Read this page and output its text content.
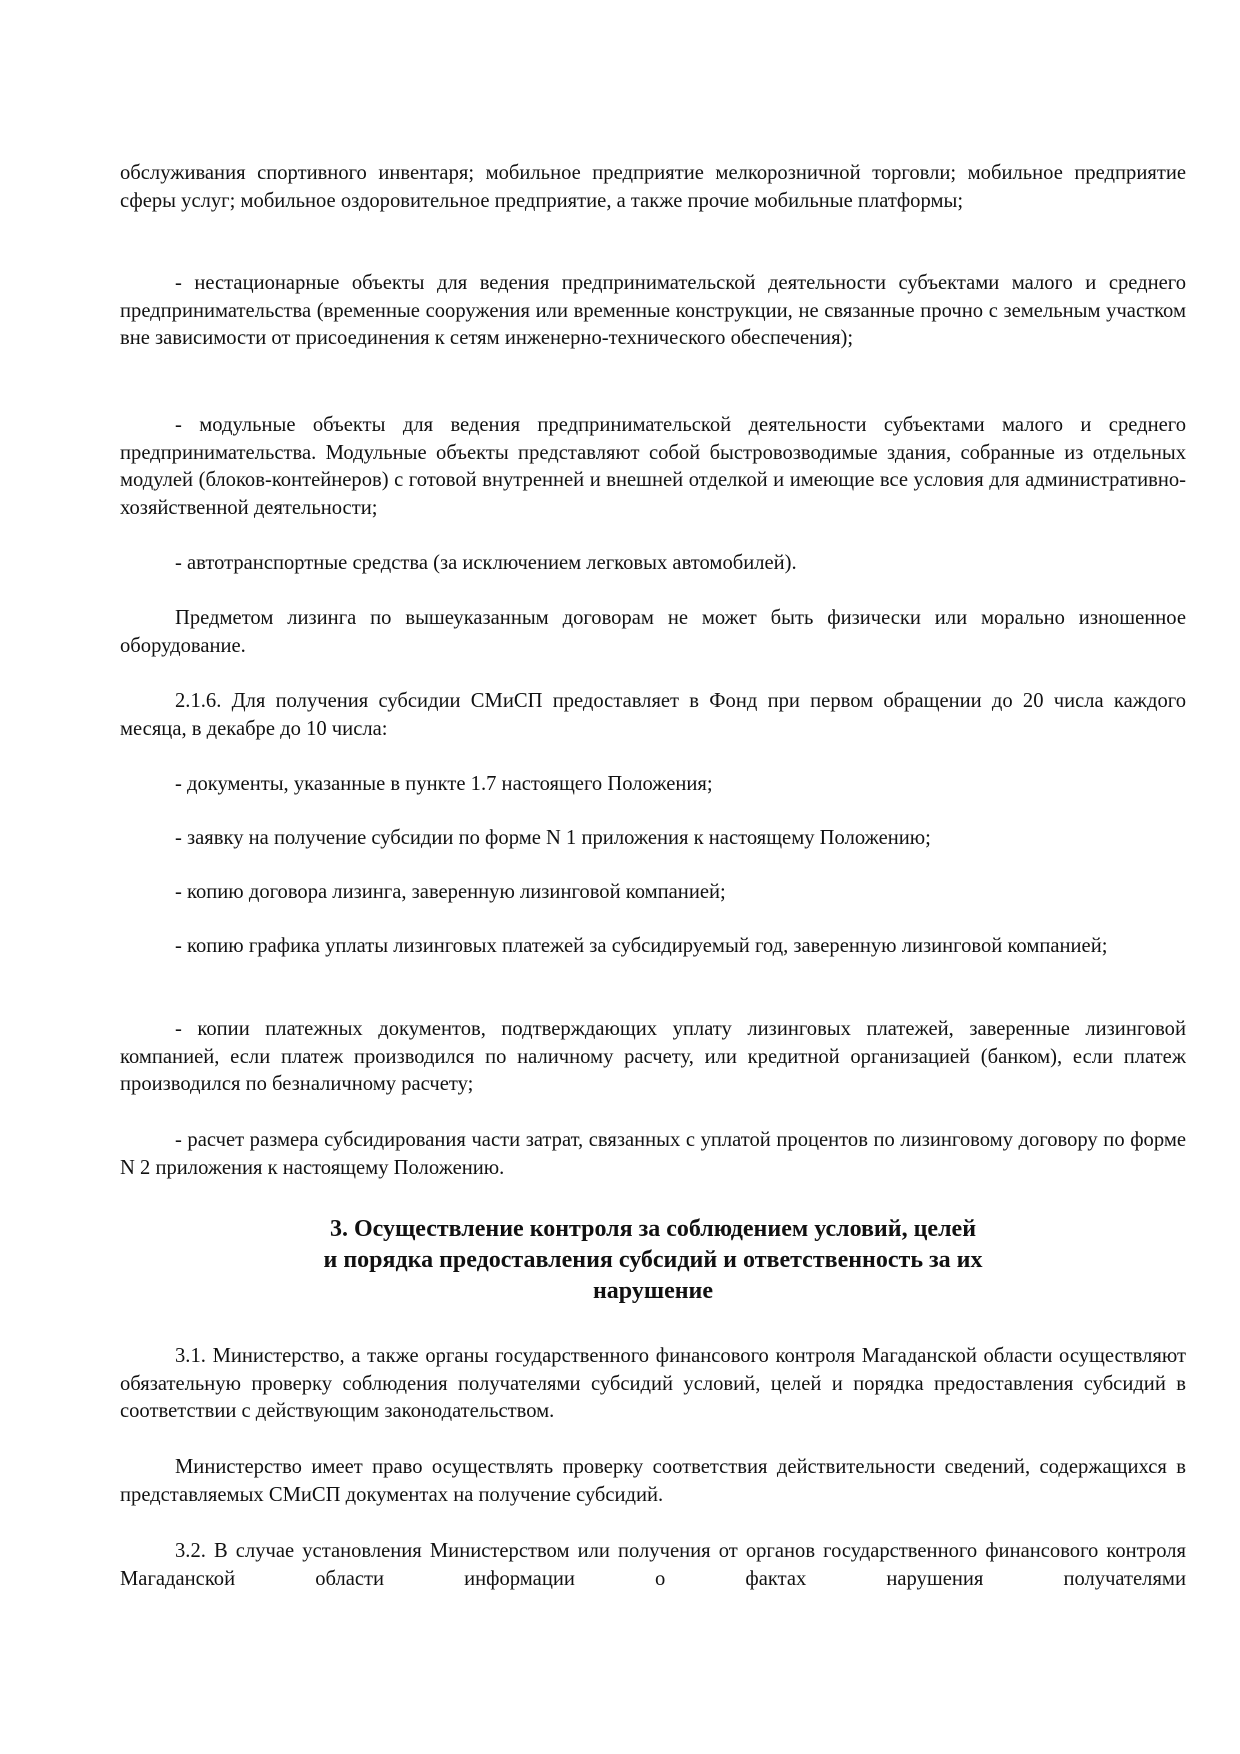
обслуживания спортивного инвентаря; мобильное предприятие мелкорозничной торговли; мобильное предприятие сферы услуг; мобильное оздоровительное предприятие, а также прочие мобильные платформы;

- нестационарные объекты для ведения предпринимательской деятельности субъектами малого и среднего предпринимательства (временные сооружения или временные конструкции, не связанные прочно с земельным участком вне зависимости от присоединения к сетям инженерно-технического обеспечения);

- модульные объекты для ведения предпринимательской деятельности субъектами малого и среднего предпринимательства. Модульные объекты представляют собой быстровозводимые здания, собранные из отдельных модулей (блоков-контейнеров) с готовой внутренней и внешней отделкой и имеющие все условия для административно-хозяйственной деятельности;

- автотранспортные средства (за исключением легковых автомобилей).

Предметом лизинга по вышеуказанным договорам не может быть физически или морально изношенное оборудование.

2.1.6. Для получения субсидии СМиСП предоставляет в Фонд при первом обращении до 20 числа каждого месяца, в декабре до 10 числа:

- документы, указанные в пункте 1.7 настоящего Положения;

- заявку на получение субсидии по форме N 1 приложения к настоящему Положению;

- копию договора лизинга, заверенную лизинговой компанией;

- копию графика уплаты лизинговых платежей за субсидируемый год, заверенную лизинговой компанией;

- копии платежных документов, подтверждающих уплату лизинговых платежей, заверенные лизинговой компанией, если платеж производился по наличному расчету, или кредитной организацией (банком), если платеж производился по безналичному расчету;

- расчет размера субсидирования части затрат, связанных с уплатой процентов по лизинговому договору по форме N 2 приложения к настоящему Положению.

3. Осуществление контроля за соблюдением условий, целей
и порядка предоставления субсидий и ответственность за их
нарушение

3.1. Министерство, а также органы государственного финансового контроля Магаданской области осуществляют обязательную проверку соблюдения получателями субсидий условий, целей и порядка предоставления субсидий в соответствии с действующим законодательством.

Министерство имеет право осуществлять проверку соответствия действительности сведений, содержащихся в представляемых СМиСП документах на получение субсидий.

3.2. В случае установления Министерством или получения от органов государственного финансового контроля Магаданской области информации о фактах нарушения получателями
